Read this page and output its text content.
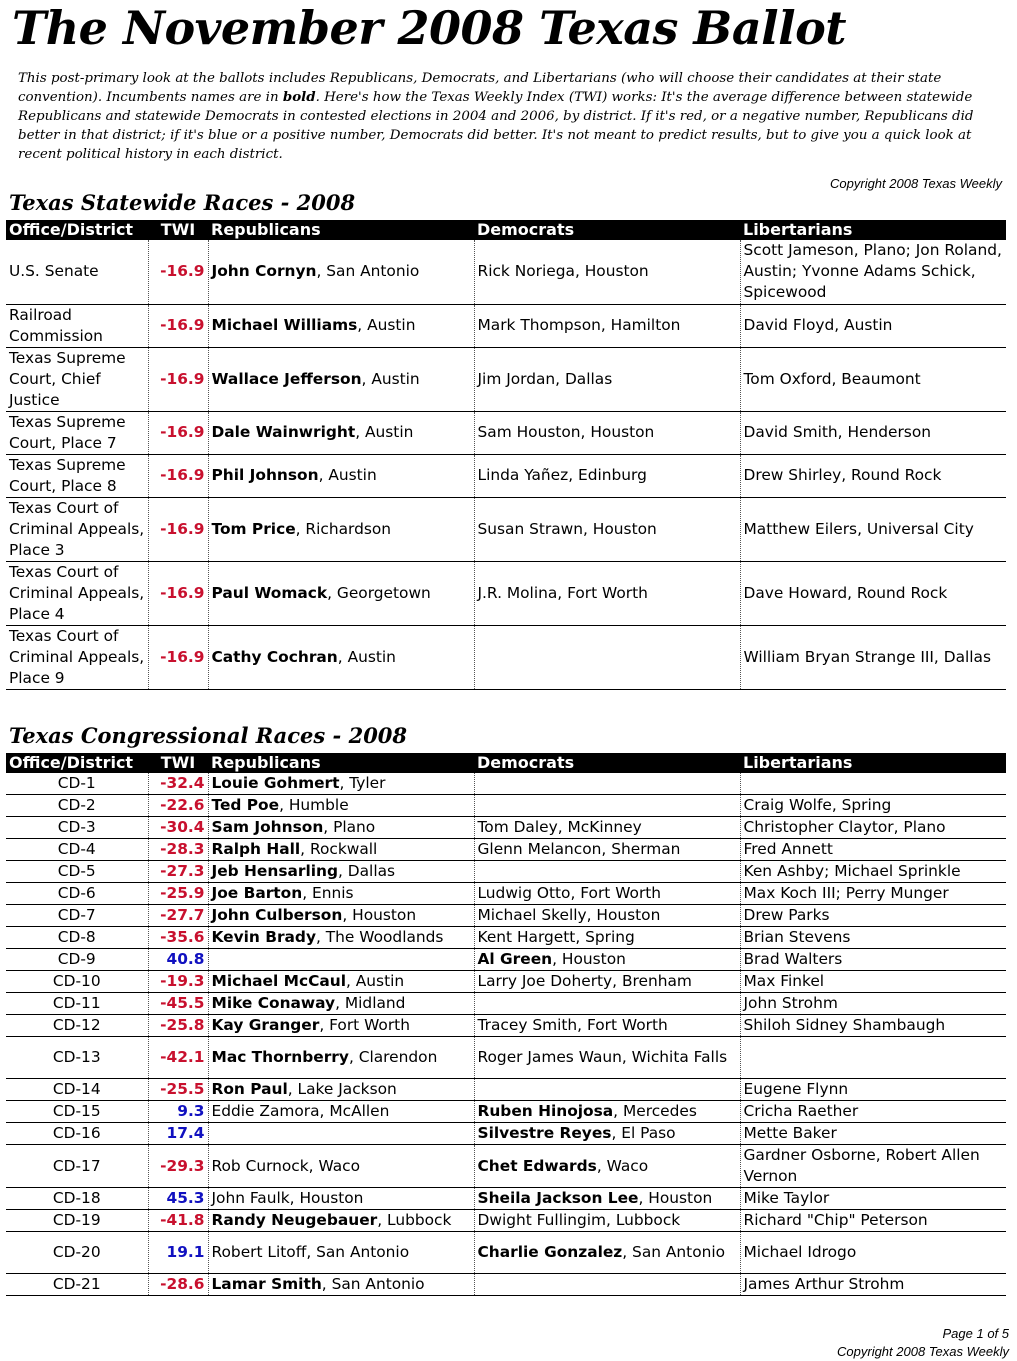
The November 2008 Texas Ballot

This post-primary look at the ballots includes Republicans, Democrats, and Libertarians (who will choose their candidates at their state convention). Incumbents names are in bold. Here's how the Texas Weekly Index (TWI) works: It's the average difference between statewide Republicans and statewide Democrats in contested elections in 2004 and 2006, by district. If it's red, or a negative number, Republicans did better in that district; if it's blue or a positive number, Democrats did better. It's not meant to predict results, but to give you a quick look at recent political history in each district.

Copyright 2008 Texas Weekly
Texas Statewide Races - 2008
Office/District	TWI	Republicans	Democrats	Libertarians
U.S. Senate	-16.9	John Cornyn, San Antonio	Rick Noriega, Houston	Scott Jameson, Plano; Jon Roland, Austin; Yvonne Adams Schick, Spicewood
Railroad Commission	-16.9	Michael Williams, Austin	Mark Thompson, Hamilton	David Floyd, Austin
Texas Supreme Court, Chief Justice	-16.9	Wallace Jefferson, Austin	Jim Jordan, Dallas	Tom Oxford, Beaumont
Texas Supreme Court, Place 7	-16.9	Dale Wainwright, Austin	Sam Houston, Houston	David Smith, Henderson
Texas Supreme Court, Place 8	-16.9	Phil Johnson, Austin	Linda Yañez, Edinburg	Drew Shirley, Round Rock
Texas Court of Criminal Appeals, Place 3	-16.9	Tom Price, Richardson	Susan Strawn, Houston	Matthew Eilers, Universal City
Texas Court of Criminal Appeals, Place 4	-16.9	Paul Womack, Georgetown	J.R. Molina, Fort Worth	Dave Howard, Round Rock
Texas Court of Criminal Appeals, Place 9	-16.9	Cathy Cochran, Austin		William Bryan Strange III, Dallas
Texas Congressional Races - 2008
Office/District	TWI	Republicans	Democrats	Libertarians
CD-1	-32.4	Louie Gohmert, Tyler		
CD-2	-22.6	Ted Poe, Humble		Craig Wolfe, Spring
CD-3	-30.4	Sam Johnson, Plano	Tom Daley, McKinney	Christopher Claytor, Plano
CD-4	-28.3	Ralph Hall, Rockwall	Glenn Melancon, Sherman	Fred Annett
CD-5	-27.3	Jeb Hensarling, Dallas		Ken Ashby; Michael Sprinkle
CD-6	-25.9	Joe Barton, Ennis	Ludwig Otto, Fort Worth	Max Koch III; Perry Munger
CD-7	-27.7	John Culberson, Houston	Michael Skelly, Houston	Drew Parks
CD-8	-35.6	Kevin Brady, The Woodlands	Kent Hargett, Spring	Brian Stevens
CD-9	40.8		Al Green, Houston	Brad Walters
CD-10	-19.3	Michael McCaul, Austin	Larry Joe Doherty, Brenham	Max Finkel
CD-11	-45.5	Mike Conaway, Midland		John Strohm
CD-12	-25.8	Kay Granger, Fort Worth	Tracey Smith, Fort Worth	Shiloh Sidney Shambaugh
CD-13	-42.1	Mac Thornberry, Clarendon	Roger James Waun, Wichita Falls	
CD-14	-25.5	Ron Paul, Lake Jackson		Eugene Flynn
CD-15	9.3	Eddie Zamora, McAllen	Ruben Hinojosa, Mercedes	Cricha Raether
CD-16	17.4		Silvestre Reyes, El Paso	Mette Baker
CD-17	-29.3	Rob Curnock, Waco	Chet Edwards, Waco	Gardner Osborne, Robert Allen Vernon
CD-18	45.3	John Faulk, Houston	Sheila Jackson Lee, Houston	Mike Taylor
CD-19	-41.8	Randy Neugebauer, Lubbock	Dwight Fullingim, Lubbock	Richard "Chip" Peterson
CD-20	19.1	Robert Litoff, San Antonio	Charlie Gonzalez, San Antonio	Michael Idrogo
CD-21	-28.6	Lamar Smith, San Antonio		James Arthur Strohm
Page 1 of 5
Copyright 2008 Texas Weekly
